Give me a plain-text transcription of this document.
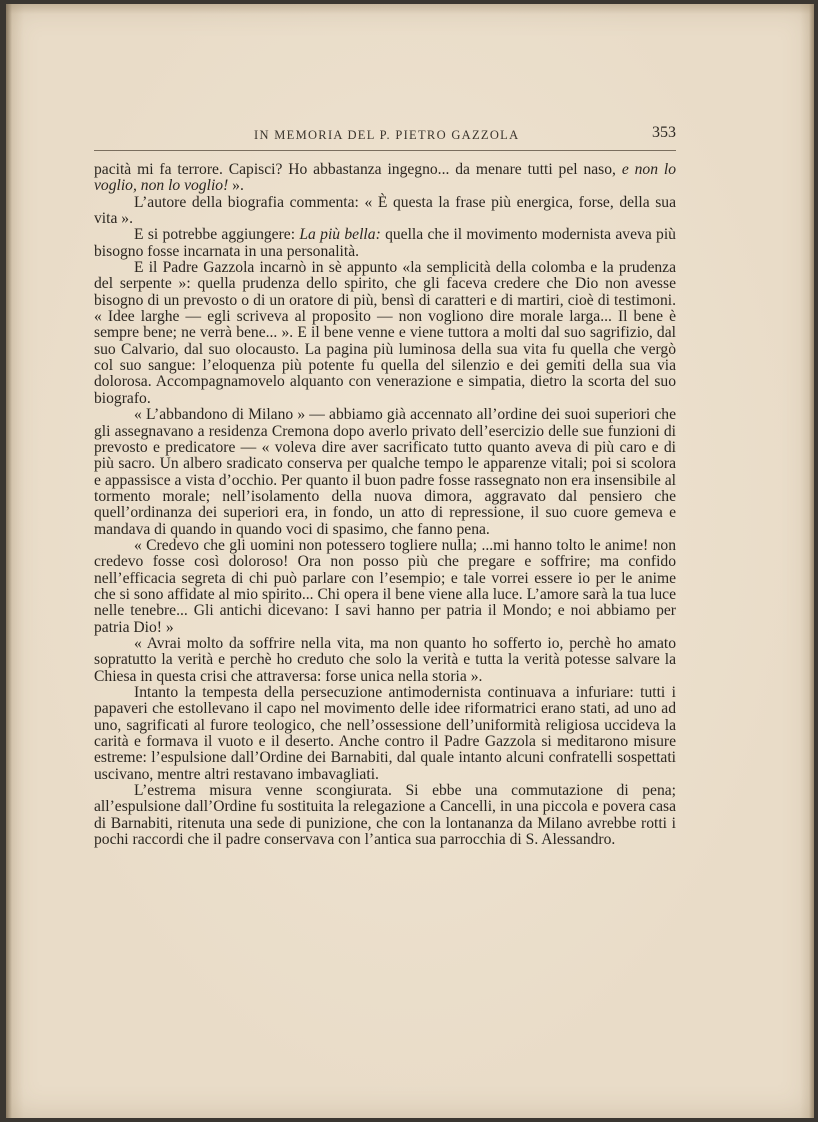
IN MEMORIA DEL P. PIETRO GAZZOLA	353

pacità mi fa terrore. Capisci? Ho abbastanza ingegno... da menare tutti pel naso, e non lo voglio, non lo voglio! ».

L’autore della biografia commenta: « È questa la frase più energica, forse, della sua vita ».

E si potrebbe aggiungere: La più bella: quella che il movimento modernista aveva più bisogno fosse incarnata in una personalità.

E il Padre Gazzola incarnò in sè appunto «la semplicità della colomba e la prudenza del serpente »: quella prudenza dello spirito, che gli faceva credere che Dio non avesse bisogno di un prevosto o di un oratore di più, bensì di caratteri e di martiri, cioè di testimoni. « Idee larghe — egli scriveva al proposito — non vogliono dire morale larga... Il bene è sempre bene; ne verrà bene... ». E il bene venne e viene tuttora a molti dal suo sagrifizio, dal suo Calvario, dal suo olocausto. La pagina più luminosa della sua vita fu quella che vergò col suo sangue: l’eloquenza più potente fu quella del silenzio e dei gemiti della sua via dolorosa. Accompagnamovelo alquanto con venerazione e simpatia, dietro la scorta del suo biografo.

« L’abbandono di Milano » — abbiamo già accennato all’ordine dei suoi superiori che gli assegnavano a residenza Cremona dopo averlo privato dell’esercizio delle sue funzioni di prevosto e predicatore — « voleva dire aver sacrificato tutto quanto aveva di più caro e di più sacro. Un albero sradicato conserva per qualche tempo le apparenze vitali; poi si scolora e appassisce a vista d’occhio. Per quanto il buon padre fosse rassegnato non era insensibile al tormento morale; nell’isolamento della nuova dimora, aggravato dal pensiero che quell’ordinanza dei superiori era, in fondo, un atto di repressione, il suo cuore gemeva e mandava di quando in quando voci di spasimo, che fanno pena.

« Credevo che gli uomini non potessero togliere nulla; ...mi hanno tolto le anime! non credevo fosse così doloroso! Ora non posso più che pregare e soffrire; ma confido nell’efficacia segreta di chi può parlare con l’esempio; e tale vorrei essere io per le anime che si sono affidate al mio spirito... Chi opera il bene viene alla luce. L’amore sarà la tua luce nelle tenebre... Gli antichi dicevano: I savi hanno per patria il Mondo; e noi abbiamo per patria Dio! »

« Avrai molto da soffrire nella vita, ma non quanto ho sofferto io, perchè ho amato sopratutto la verità e perchè ho creduto che solo la verità e tutta la verità potesse salvare la Chiesa in questa crisi che attraversa: forse unica nella storia ».

Intanto la tempesta della persecuzione antimodernista continuava a infuriare: tutti i papaveri che estollevano il capo nel movimento delle idee riformatrici erano stati, ad uno ad uno, sagrificati al furore teologico, che nell’ossessione dell’uniformità religiosa uccideva la carità e formava il vuoto e il deserto. Anche contro il Padre Gazzola si meditarono misure estreme: l’espulsione dall’Ordine dei Barnabiti, dal quale intanto alcuni confratelli sospettati uscivano, mentre altri restavano imbavagliati.

L’estrema misura venne scongiurata. Si ebbe una commutazione di pena; all’espulsione dall’Ordine fu sostituita la relegazione a Cancelli, in una piccola e povera casa di Barnabiti, ritenuta una sede di punizione, che con la lontananza da Milano avrebbe rotti i pochi raccordi che il padre conservava con l’antica sua parrocchia di S. Alessandro.
